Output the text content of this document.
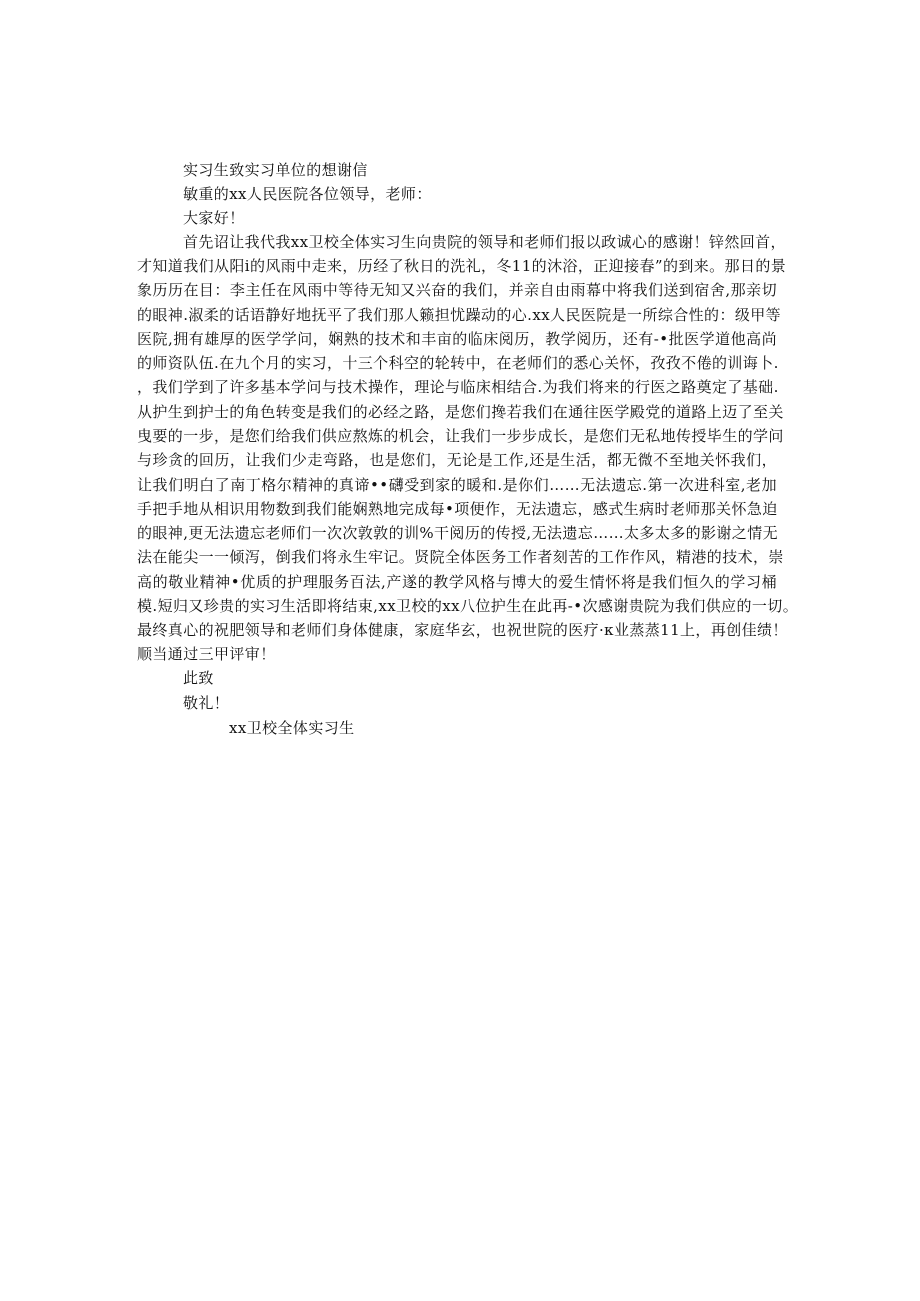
实习生致实习单位的想谢信
敏重的xx人民医院各位领导，老师：
大家好！
首先诏让我代我xx卫校全体实习生向贵院的领导和老师们报以政诚心的感谢！锌然回首，
才知道我们从阳i的风雨中走来，历经了秋日的洗礼，冬11的沐浴，正迎接春”的到来。那日的景
象历历在目：李主任在风雨中等待无知又兴奋的我们，并亲自由雨幕中将我们送到宿舍,那亲切
的眼神.淑柔的话语静好地抚平了我们那人籁担忧躁动的心.xx人民医院是一所综合性的：级甲等
医院,拥有雄厚的医学学问，娴熟的技术和丰亩的临床阅历，教学阅历，还有-•批医学道他高尚
的师资队伍.在九个月的实习，十三个科空的轮转中，在老师们的悉心关怀，孜孜不倦的训诲卜.
，我们学到了许多基本学问与技术操作，理论与临床相结合.为我们将来的行医之路奠定了基础.
从护生到护士的角色转变是我们的必经之路，是您们搀若我们在通往医学殿党的道路上迈了至关
曳要的一步，是您们给我们供应熬炼的机会，让我们一步步成长，是您们无私地传授毕生的学问
与珍贪的回历，让我们少走弯路，也是您们，无论是工作,还是生活，都无微不至地关怀我们，
让我们明白了南丁格尔精神的真谛••礴受到家的暖和.是你们……无法遗忘.第一次进科室,老加
手把手地从相识用物数到我们能娴熟地完成每•项便作，无法遗忘，感式生病时老师那关怀急迫
的眼神,更无法遗忘老师们一次次敦敦的训%干阅历的传授,无法遗忘……太多太多的影谢之情无
法在能尖一一倾泻，倒我们将永生牢记。贤院全体医务工作者刻苦的工作作风，精港的技术，崇
高的敬业精神•优质的护理服务百法,产遂的教学风格与博大的爱生情怀将是我们恒久的学习桶
模.短归又珍贵的实习生活即将结束,xx卫校的xx八位护生在此再-•次感谢贵院为我们供应的一切。
最终真心的祝肥领导和老师们身体健康，家庭华玄，也祝世院的医疗·κ业蒸蒸11上，再创佳绩！
顺当通过三甲评审！
此致
敬礼！
xx卫校全体实习生
